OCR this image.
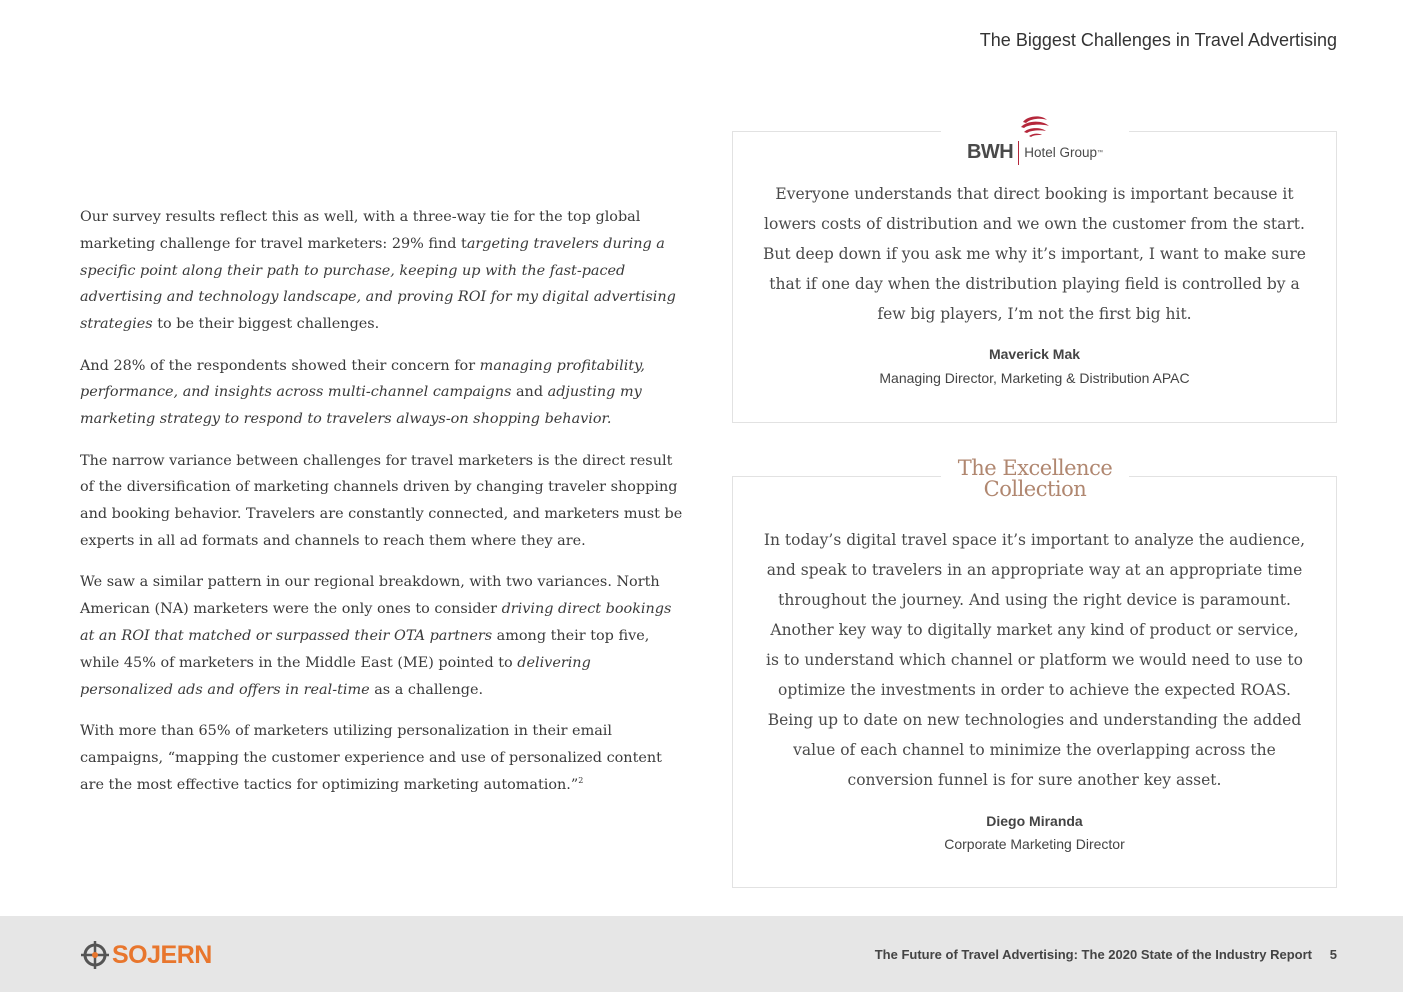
The Biggest Challenges in Travel Advertising

Our survey results reflect this as well, with a three-way tie for the top global marketing challenge for travel marketers: 29% find targeting travelers during a specific point along their path to purchase, keeping up with the fast-paced advertising and technology landscape, and proving ROI for my digital advertising strategies to be their biggest challenges.

And 28% of the respondents showed their concern for managing profitability, performance, and insights across multi-channel campaigns and adjusting my marketing strategy to respond to travelers always-on shopping behavior.

The narrow variance between challenges for travel marketers is the direct result of the diversification of marketing channels driven by changing traveler shopping and booking behavior. Travelers are constantly connected, and marketers must be experts in all ad formats and channels to reach them where they are.

We saw a similar pattern in our regional breakdown, with two variances. North American (NA) marketers were the only ones to consider driving direct bookings at an ROI that matched or surpassed their OTA partners among their top five, while 45% of marketers in the Middle East (ME) pointed to delivering personalized ads and offers in real-time as a challenge.

With more than 65% of marketers utilizing personalization in their email campaigns, “mapping the customer experience and use of personalized content are the most effective tactics for optimizing marketing automation.”$^2$

BWH Hotel Group ™
Everyone understands that direct booking is important because it lowers costs of distribution and we own the customer from the start. But deep down if you ask me why it’s important, I want to make sure that if one day when the distribution playing field is controlled by a few big players, I’m not the first big hit.
Maverick Mak
Managing Director, Marketing & Distribution APAC
The Excellence
Collection
In today’s digital travel space it’s important to analyze the audience, and speak to travelers in an appropriate way at an appropriate time throughout the journey. And using the right device is paramount. Another key way to digitally market any kind of product or service, is to understand which channel or platform we would need to use to optimize the investments in order to achieve the expected ROAS. Being up to date on new technologies and understanding the added value of each channel to minimize the overlapping across the conversion funnel is for sure another key asset.
Diego Miranda
Corporate Marketing Director
SOJERN	The Future of Travel Advertising: The 2020 State of the Industry Report 5
